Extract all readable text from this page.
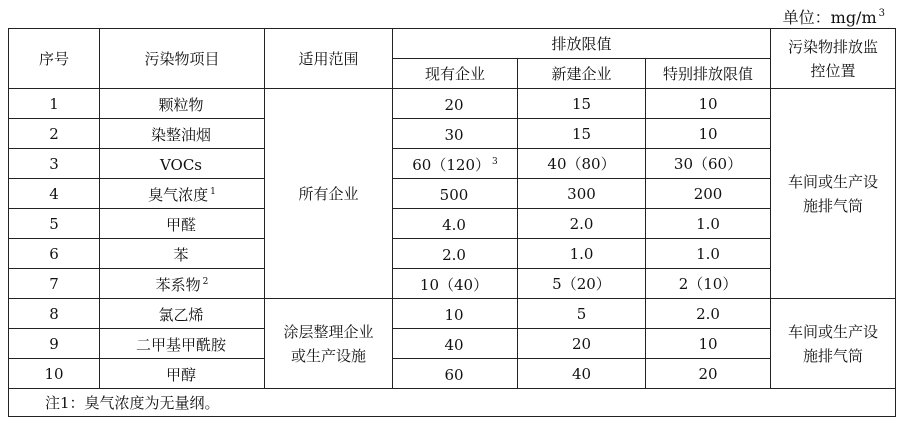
单位：mg/m $^3$
序号	污染物项目	适用范围	排放限值			污染物排放监
控位置
			现有企业	新建企业	特别排放限值	
1	颗粒物	所有企业	20	15	10	车间或生产设
施排气筒
2	染整油烟		30	15	10	
3	VOCs		60（120） $^3$	40（80）	30（60）	
4	臭气浓度 $^1$		500	300	200	
5	甲醛		4.0	2.0	1.0	
6	苯		2.0	1.0	1.0	
7	苯系物 $^2$		10（40）	5（20）	2（10）	
8	氯乙烯	涂层整理企业
或生产设施	10	5	2.0	车间或生产设
施排气筒
9	二甲基甲酰胺		40	20	10	
10	甲醇		60	40	20	
注1：臭气浓度为无量纲。						
